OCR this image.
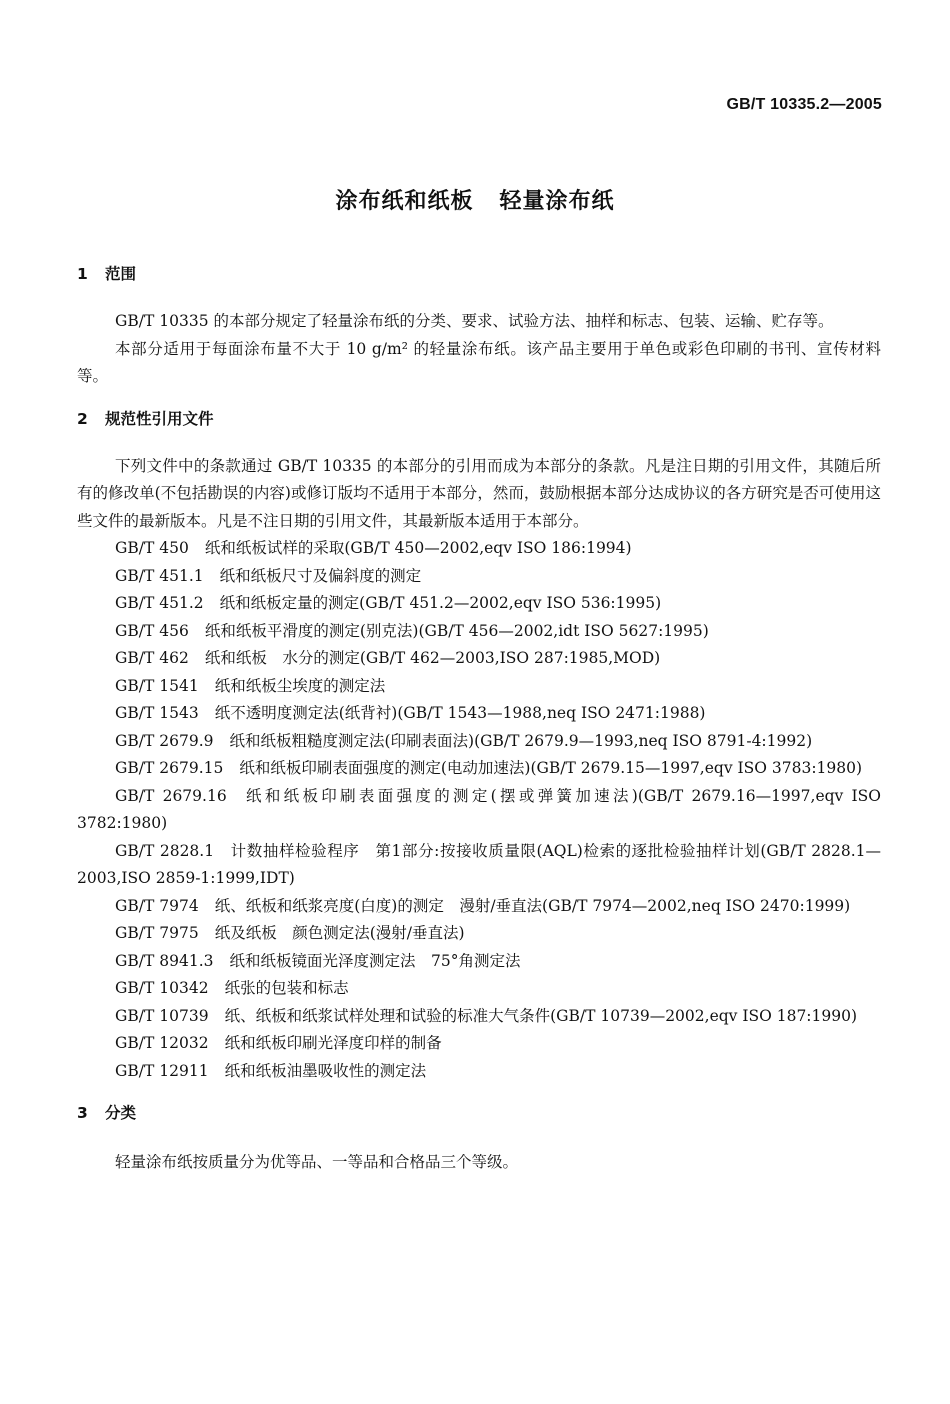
GB/T 10335.2—2005
涂布纸和纸板 轻量涂布纸
1 范围

GB/T 10335 的本部分规定了轻量涂布纸的分类、要求、试验方法、抽样和标志、包装、运输、贮存等。

本部分适用于每面涂布量不大于 10 g/m² 的轻量涂布纸。该产品主要用于单色或彩色印刷的书刊、宣传材料等。

2 规范性引用文件

下列文件中的条款通过 GB/T 10335 的本部分的引用而成为本部分的条款。凡是注日期的引用文件，其随后所有的修改单(不包括勘误的内容)或修订版均不适用于本部分，然而，鼓励根据本部分达成协议的各方研究是否可使用这些文件的最新版本。凡是不注日期的引用文件，其最新版本适用于本部分。

GB/T 450 纸和纸板试样的采取(GB/T 450—2002,eqv ISO 186:1994)
GB/T 451.1 纸和纸板尺寸及偏斜度的测定
GB/T 451.2 纸和纸板定量的测定(GB/T 451.2—2002,eqv ISO 536:1995)
GB/T 456 纸和纸板平滑度的测定(别克法)(GB/T 456—2002,idt ISO 5627:1995)
GB/T 462 纸和纸板　水分的测定(GB/T 462—2003,ISO 287:1985,MOD)
GB/T 1541 纸和纸板尘埃度的测定法
GB/T 1543 纸不透明度测定法(纸背衬)(GB/T 1543—1988,neq ISO 2471:1988)
GB/T 2679.9 纸和纸板粗糙度测定法(印刷表面法)(GB/T 2679.9—1993,neq ISO 8791-4:1992)
GB/T 2679.15 纸和纸板印刷表面强度的测定(电动加速法)(GB/T 2679.15—1997,eqv ISO 3783:1980)
GB/T 2679.16 纸和纸板印刷表面强度的测定(摆或弹簧加速法)(GB/T 2679.16—1997,eqv ISO 3782:1980)
GB/T 2828.1 计数抽样检验程序　第1部分:按接收质量限(AQL)检索的逐批检验抽样计划(GB/T 2828.1—2003,ISO 2859-1:1999,IDT)
GB/T 7974 纸、纸板和纸浆亮度(白度)的测定　漫射/垂直法(GB/T 7974—2002,neq ISO 2470:1999)
GB/T 7975 纸及纸板　颜色测定法(漫射/垂直法)
GB/T 8941.3 纸和纸板镜面光泽度测定法　75°角测定法
GB/T 10342 纸张的包装和标志
GB/T 10739 纸、纸板和纸浆试样处理和试验的标准大气条件(GB/T 10739—2002,eqv ISO 187:1990)
GB/T 12032 纸和纸板印刷光泽度印样的制备
GB/T 12911 纸和纸板油墨吸收性的测定法
3 分类

轻量涂布纸按质量分为优等品、一等品和合格品三个等级。
